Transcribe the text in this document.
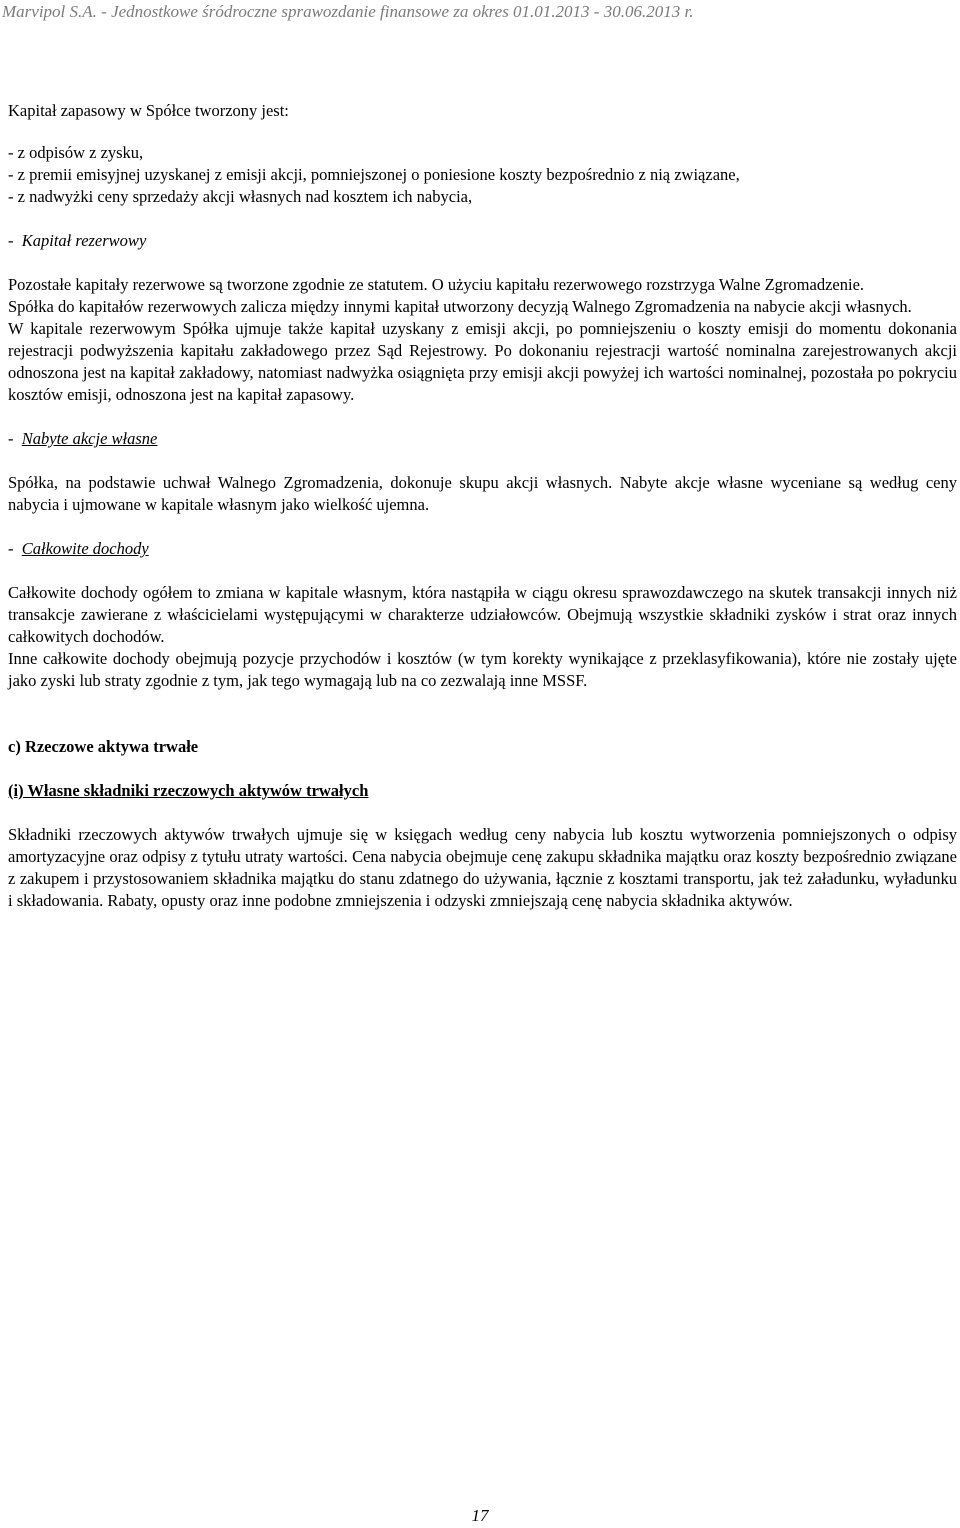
Marvipol S.A. - Jednostkowe śródroczne sprawozdanie finansowe za okres 01.01.2013 - 30.06.2013 r.

Kapitał zapasowy w Spółce tworzony jest:

- z odpisów z zysku,

- z premii emisyjnej uzyskanej z emisji akcji, pomniejszonej o poniesione koszty bezpośrednio z nią związane,

- z nadwyżki ceny sprzedaży akcji własnych nad kosztem ich nabycia,

- Kapitał rezerwowy

Pozostałe kapitały rezerwowe są tworzone zgodnie ze statutem. O użyciu kapitału rezerwowego rozstrzyga Walne Zgromadzenie.

Spółka do kapitałów rezerwowych zalicza między innymi kapitał utworzony decyzją Walnego Zgromadzenia na nabycie akcji własnych.

W kapitale rezerwowym Spółka ujmuje także kapitał uzyskany z emisji akcji, po pomniejszeniu o koszty emisji do momentu dokonania rejestracji podwyższenia kapitału zakładowego przez Sąd Rejestrowy. Po dokonaniu rejestracji wartość nominalna zarejestrowanych akcji odnoszona jest na kapitał zakładowy, natomiast nadwyżka osiągnięta przy emisji akcji powyżej ich wartości nominalnej, pozostała po pokryciu kosztów emisji, odnoszona jest na kapitał zapasowy.

- Nabyte akcje własne

Spółka, na podstawie uchwał Walnego Zgromadzenia, dokonuje skupu akcji własnych. Nabyte akcje własne wyceniane są według ceny nabycia i ujmowane w kapitale własnym jako wielkość ujemna.

- Całkowite dochody

Całkowite dochody ogółem to zmiana w kapitale własnym, która nastąpiła w ciągu okresu sprawozdawczego na skutek transakcji innych niż transakcje zawierane z właścicielami występującymi w charakterze udziałowców. Obejmują wszystkie składniki zysków i strat oraz innych całkowitych dochodów.

Inne całkowite dochody obejmują pozycje przychodów i kosztów (w tym korekty wynikające z przeklasyfikowania), które nie zostały ujęte jako zyski lub straty zgodnie z tym, jak tego wymagają lub na co zezwalają inne MSSF.

c) Rzeczowe aktywa trwałe

(i) Własne składniki rzeczowych aktywów trwałych

Składniki rzeczowych aktywów trwałych ujmuje się w księgach według ceny nabycia lub kosztu wytworzenia pomniejszonych o odpisy amortyzacyjne oraz odpisy z tytułu utraty wartości. Cena nabycia obejmuje cenę zakupu składnika majątku oraz koszty bezpośrednio związane z zakupem i przystosowaniem składnika majątku do stanu zdatnego do używania, łącznie z kosztami transportu, jak też załadunku, wyładunku i składowania. Rabaty, opusty oraz inne podobne zmniejszenia i odzyski zmniejszają cenę nabycia składnika aktywów.

17
